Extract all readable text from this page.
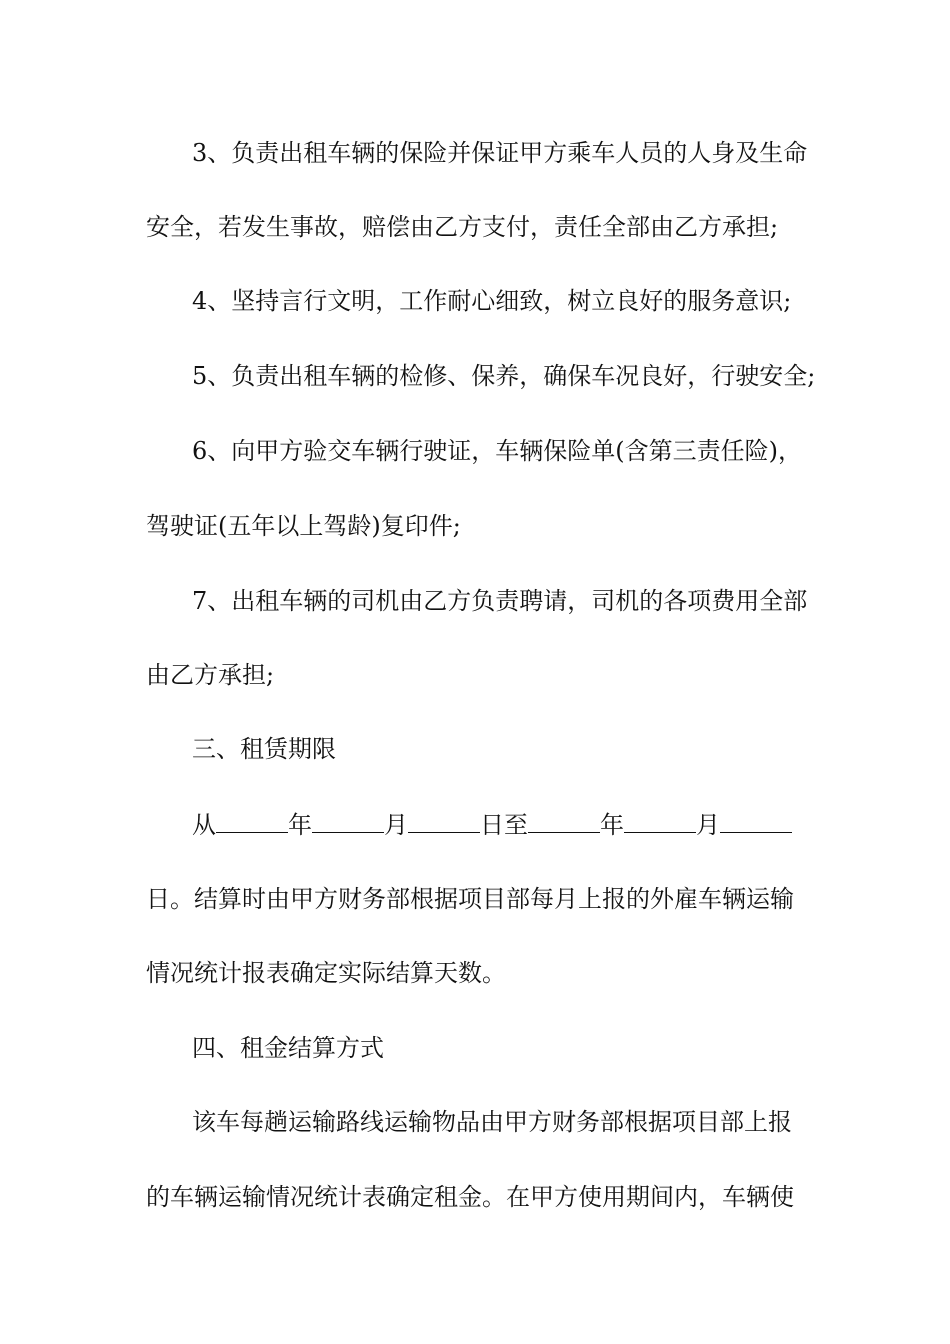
3、负责出租车辆的保险并保证甲方乘车人员的人身及生命
安全，若发生事故，赔偿由乙方支付，责任全部由乙方承担;
4、坚持言行文明，工作耐心细致，树立良好的服务意识;
5、负责出租车辆的检修、保养，确保车况良好，行驶安全;
6、向甲方验交车辆行驶证，车辆保险单(含第三责任险)，
驾驶证(五年以上驾龄)复印件;
7、出租车辆的司机由乙方负责聘请，司机的各项费用全部
由乙方承担;
三、租赁期限
从	年	月	日至	年	月
日。结算时由甲方财务部根据项目部每月上报的外雇车辆运输
情况统计报表确定实际结算天数。
四、租金结算方式
该车每趟运输路线运输物品由甲方财务部根据项目部上报
的车辆运输情况统计表确定租金。在甲方使用期间内，车辆使
